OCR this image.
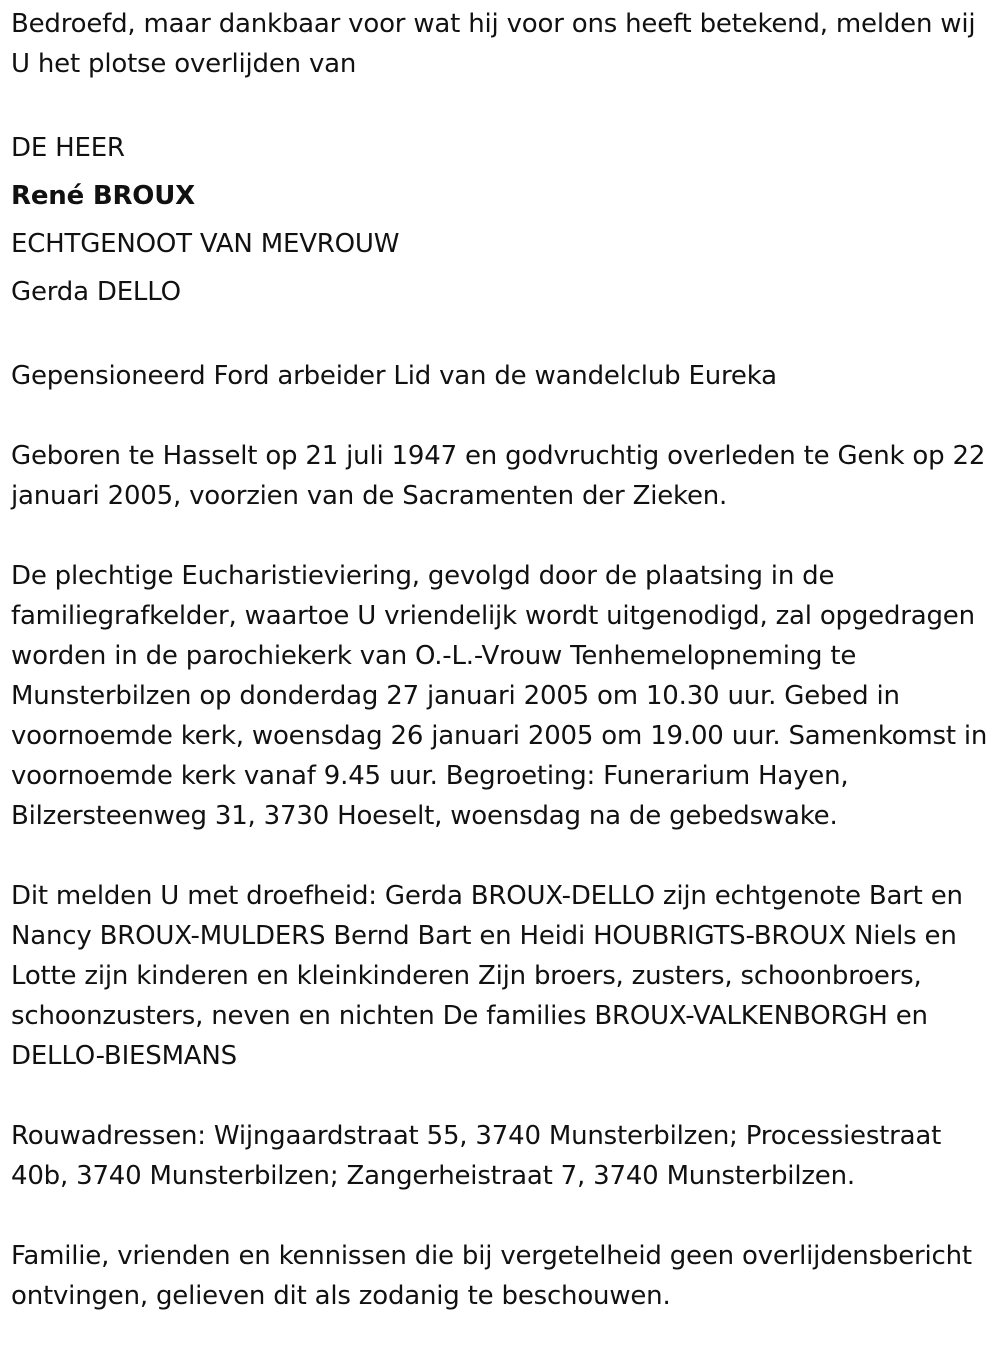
Bedroefd, maar dankbaar voor wat hij voor ons heeft betekend, melden wij U het plotse overlijden van

DE HEER

René BROUX

ECHTGENOOT VAN MEVROUW

Gerda DELLO

Gepensioneerd Ford arbeider Lid van de wandelclub Eureka

Geboren te Hasselt op 21 juli 1947 en godvruchtig overleden te Genk op 22 januari 2005, voorzien van de Sacramenten der Zieken.

De plechtige Eucharistieviering, gevolgd door de plaatsing in de familiegrafkelder, waartoe U vriendelijk wordt uitgenodigd, zal opgedragen worden in de parochiekerk van O.-L.-Vrouw Tenhemelopneming te Munsterbilzen op donderdag 27 januari 2005 om 10.30 uur. Gebed in voornoemde kerk, woensdag 26 januari 2005 om 19.00 uur. Samenkomst in voornoemde kerk vanaf 9.45 uur. Begroeting: Funerarium Hayen, Bilzersteenweg 31, 3730 Hoeselt, woensdag na de gebedswake.

Dit melden U met droefheid: Gerda BROUX-DELLO zijn echtgenote Bart en Nancy BROUX-MULDERS Bernd Bart en Heidi HOUBRIGTS-BROUX Niels en Lotte zijn kinderen en kleinkinderen Zijn broers, zusters, schoonbroers, schoonzusters, neven en nichten De families BROUX-VALKENBORGH en DELLO-BIESMANS

Rouwadressen: Wijngaardstraat 55, 3740 Munsterbilzen; Processiestraat 40b, 3740 Munsterbilzen; Zangerheistraat 7, 3740 Munsterbilzen.

Familie, vrienden en kennissen die bij vergetelheid geen overlijdensbericht ontvingen, gelieven dit als zodanig te beschouwen.
